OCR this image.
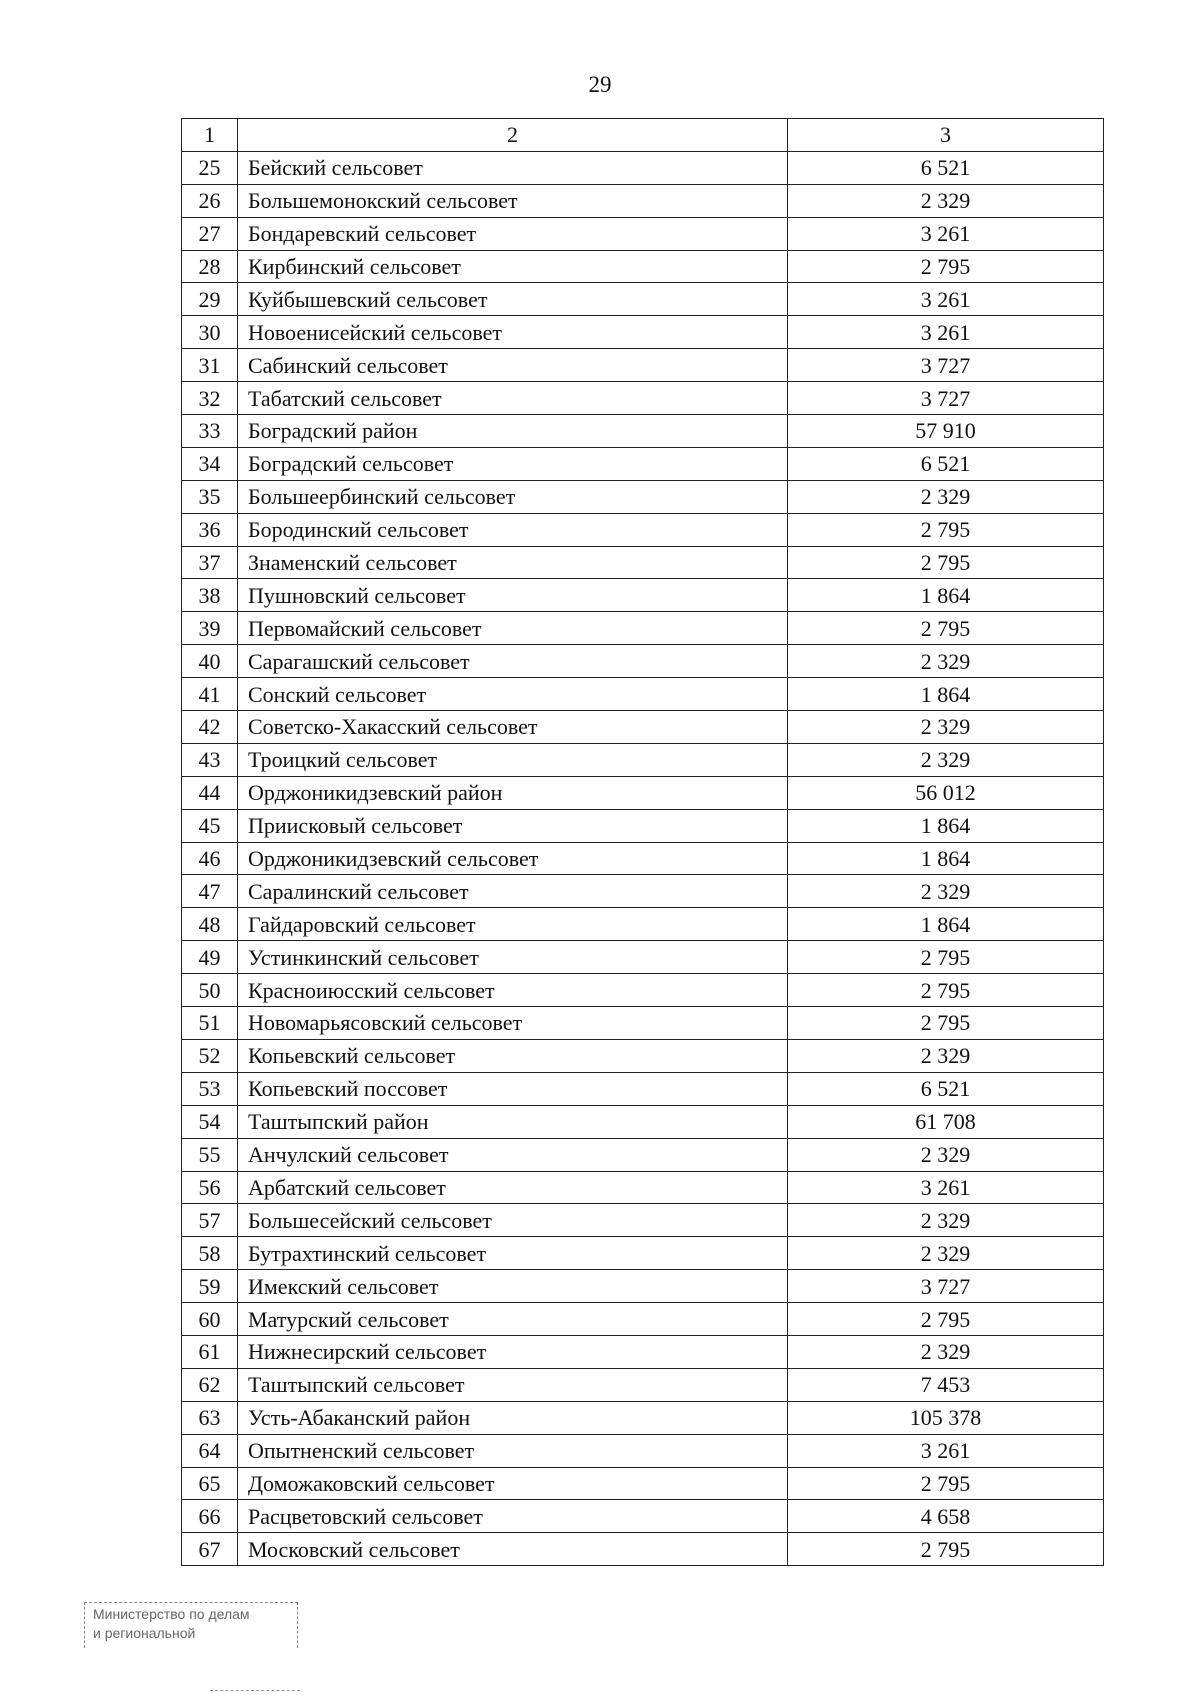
29
1	2	3
25	Бейский сельсовет	6 521
26	Большемонокский сельсовет	2 329
27	Бондаревский сельсовет	3 261
28	Кирбинский сельсовет	2 795
29	Куйбышевский сельсовет	3 261
30	Новоенисейский сельсовет	3 261
31	Сабинский сельсовет	3 727
32	Табатский сельсовет	3 727
33	Боградский район	57 910
34	Боградский сельсовет	6 521
35	Большеербинский сельсовет	2 329
36	Бородинский сельсовет	2 795
37	Знаменский сельсовет	2 795
38	Пушновский сельсовет	1 864
39	Первомайский сельсовет	2 795
40	Сарагашский сельсовет	2 329
41	Сонский сельсовет	1 864
42	Советско-Хакасский сельсовет	2 329
43	Троицкий сельсовет	2 329
44	Орджоникидзевский район	56 012
45	Приисковый сельсовет	1 864
46	Орджоникидзевский сельсовет	1 864
47	Саралинский сельсовет	2 329
48	Гайдаровский сельсовет	1 864
49	Устинкинский сельсовет	2 795
50	Красноиюсский сельсовет	2 795
51	Новомарьясовский сельсовет	2 795
52	Копьевский сельсовет	2 329
53	Копьевский поссовет	6 521
54	Таштыпский район	61 708
55	Анчулский сельсовет	2 329
56	Арбатский сельсовет	3 261
57	Большесейский сельсовет	2 329
58	Бутрахтинский сельсовет	2 329
59	Имекский сельсовет	3 727
60	Матурский сельсовет	2 795
61	Нижнесирский сельсовет	2 329
62	Таштыпский сельсовет	7 453
63	Усть-Абаканский район	105 378
64	Опытненский сельсовет	3 261
65	Доможаковский сельсовет	2 795
66	Расцветовский сельсовет	4 658
67	Московский сельсовет	2 795
Министерство по делам
и региональной
